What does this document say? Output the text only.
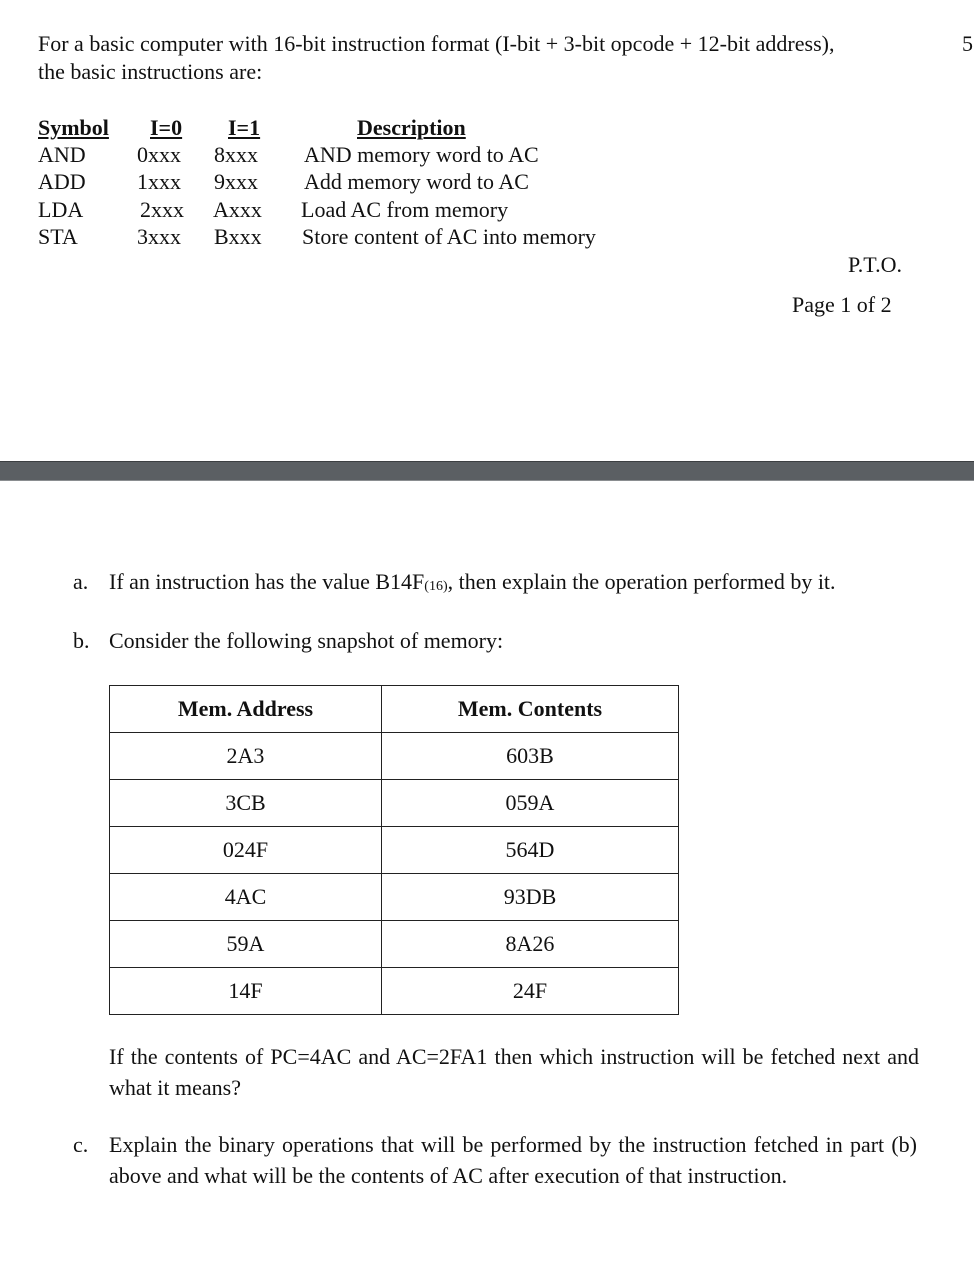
For a basic computer with 16-bit instruction format (I-bit + 3-bit opcode + 12-bit address),
the basic instructions are:
5
Symbol I=0 I=1	Description
AND 0xxx 8xxx AND memory word to AC
ADD 1xxx 9xxx Add memory word to AC
LDA	2xxx Axxx Load AC from memory
STA	3xxx Bxxx Store content of AC into memory
P.T.O.
Page 1 of 2
a. If an instruction has the value B14F(16), then explain the operation performed by it.
b. Consider the following snapshot of memory:
Mem. Address	Mem. Contents
2A3	603B
3CB	059A
024F	564D
4AC	93DB
59A	8A26
14F	24F
If the contents of PC=4AC and AC=2FA1 then which instruction will be fetched next and what it means?
c. Explain the binary operations that will be performed by the instruction fetched in part (b) above and what will be the contents of AC after execution of that instruction.
